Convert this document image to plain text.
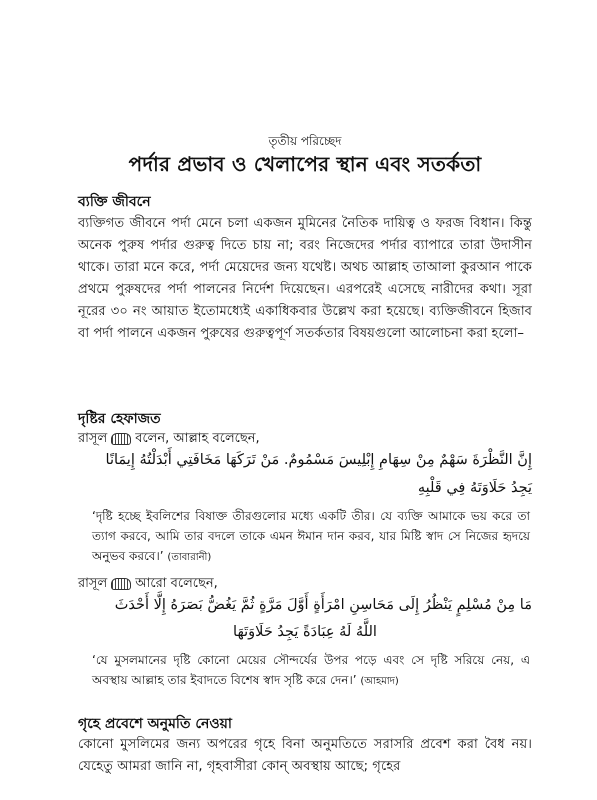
তৃতীয় পরিচ্ছেদ
পর্দার প্রভাব ও খেলাপের স্থান এবং সতর্কতা
ব্যক্তি জীবনে
ব্যক্তিগত জীবনে পর্দা মেনে চলা একজন মুমিনের নৈতিক দায়িত্ব ও ফরজ বিধান। কিন্তু অনেক পুরুষ পর্দার গুরুত্ব দিতে চায় না; বরং নিজেদের পর্দার ব্যাপারে তারা উদাসীন থাকে। তারা মনে করে, পর্দা মেয়েদের জন্য যথেষ্ট। অথচ আল্লাহ তাআলা কুরআন পাকে প্রথমে পুরুষদের পর্দা পালনের নির্দেশ দিয়েছেন। এরপরেই এসেছে নারীদের কথা। সূরা নূরের ৩০ নং আয়াত ইতোমধ্যেই একাধিকবার উল্লেখ করা হয়েছে। ব্যক্তিজীবনে হিজাব বা পর্দা পালনে একজন পুরুষের গুরুত্বপূর্ণ সতর্কতার বিষয়গুলো আলোচনা করা হলো–
দৃষ্টির হেফাজত
রাসূল বলেন, আল্লাহ বলেছেন,
إِنَّ النَّظْرَةَ سَهْمٌ مِنْ سِهَامِ إِبْلِيسَ مَسْمُومٌ. مَنْ تَرَكَهَا مَخَافَتِي أَبْدَلْتُهُ إِيمَانًا
يَجِدُ حَلَاوَتَهُ فِي قَلْبِهِ
‘দৃষ্টি হচ্ছে ইবলিশের বিষাক্ত তীরগুলোর মধ্যে একটি তীর। যে ব্যক্তি আমাকে ভয় করে তা ত্যাগ করবে, আমি তার বদলে তাকে এমন ঈমান দান করব, যার মিষ্টি স্বাদ সে নিজের হৃদয়ে অনুভব করবে।’ (তাবারানী)
রাসূল আরো বলেছেন,
مَا مِنْ مُسْلِمٍ يَنْظُرُ إِلَى مَحَاسِنِ امْرَأَةٍ أَوَّلَ مَرَّةٍ ثُمَّ يَغُضُّ بَصَرَهُ إِلَّا أَحْدَثَ
اللَّهُ لَهُ عِبَادَةً يَجِدُ حَلَاوَتَهَا
‘যে মুসলমানের দৃষ্টি কোনো মেয়ের সৌন্দর্যের উপর পড়ে এবং সে দৃষ্টি সরিয়ে নেয়, এ অবস্থায় আল্লাহ তার ইবাদতে বিশেষ স্বাদ সৃষ্টি করে দেন।’ (আহমাদ)
গৃহে প্রবেশে অনুমতি নেওয়া
কোনো মুসলিমের জন্য অপরের গৃহে বিনা অনুমতিতে সরাসরি প্রবেশ করা বৈধ নয়। যেহেতু আমরা জানি না, গৃহবাসীরা কোন্ অবস্থায় আছে; গৃহের
